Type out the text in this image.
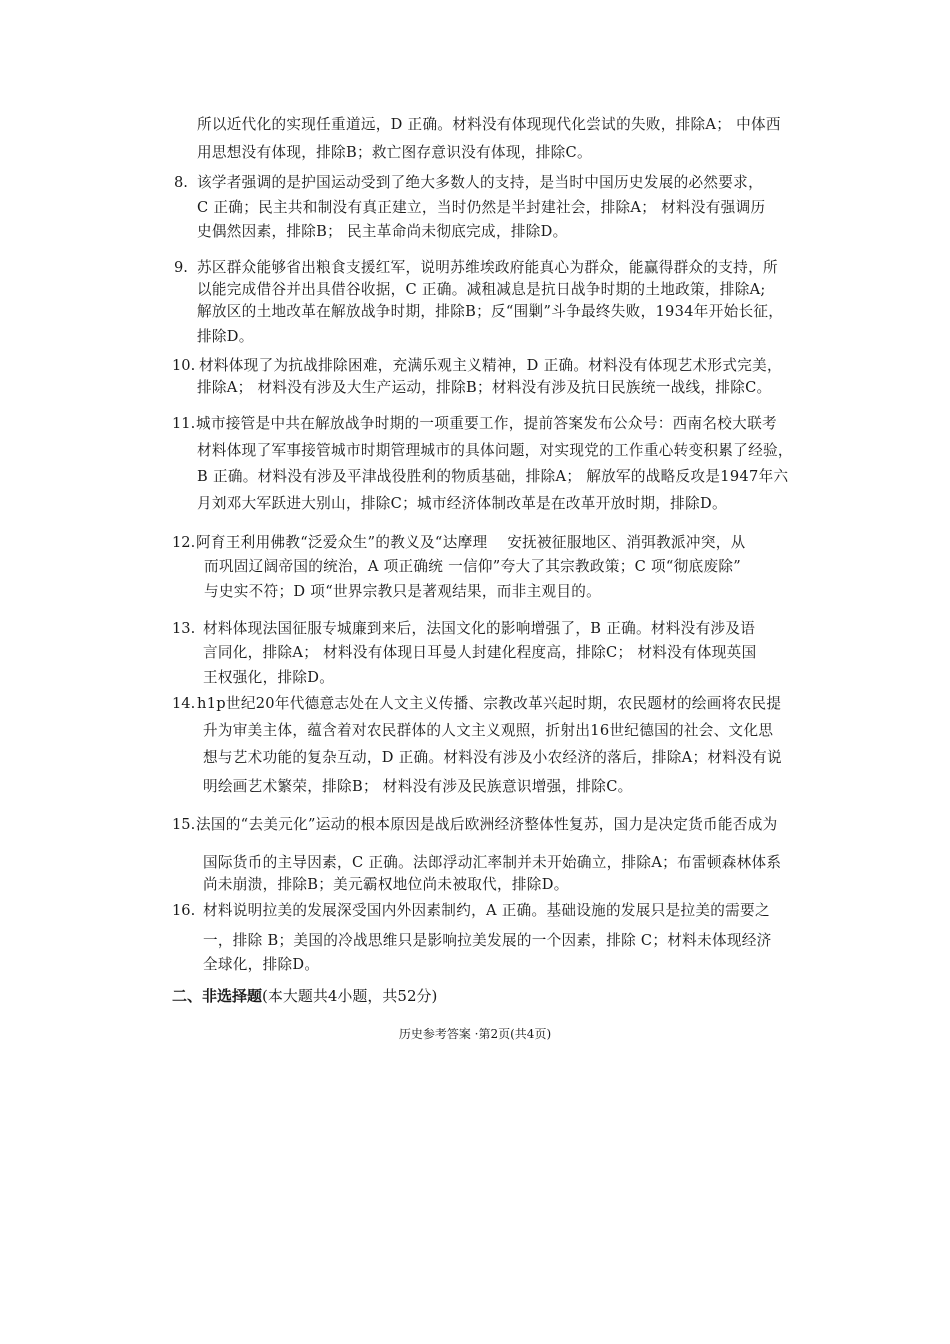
所以近代化的实现任重道远，D 正确。材料没有体现现代化尝试的失败，排除A； 中体西
用思想没有体现，排除B；救亡图存意识没有体现，排除C。
8. 该学者强调的是护国运动受到了绝大多数人的支持，是当时中国历史发展的必然要求，
C 正确；民主共和制没有真正建立，当时仍然是半封建社会，排除A； 材料没有强调历
史偶然因素，排除B； 民主革命尚未彻底完成，排除D。
9. 苏区群众能够省出粮食支援红军，说明苏维埃政府能真心为群众，能赢得群众的支持，所
以能完成借谷并出具借谷收据，C 正确。减租减息是抗日战争时期的土地政策，排除A;
解放区的土地改革在解放战争时期，排除B；反“围剿”斗争最终失败，1934年开始长征，
排除D。
10. 材料体现了为抗战排除困难，充满乐观主义精神，D 正确。材料没有体现艺术形式完美，
排除A； 材料没有涉及大生产运动，排除B；材料没有涉及抗日民族统一战线，排除C。
11. 城市接管是中共在解放战争时期的一项重要工作，提前答案发布公众号：西南名校大联考
材料体现了军事接管城市时期管理城市的具体问题，对实现党的工作重心转变积累了经验，
B 正确。材料没有涉及平津战役胜利的物质基础，排除A； 解放军的战略反攻是1947年六
月刘邓大军跃进大别山，排除C；城市经济体制改革是在改革开放时期，排除D。
12. 阿育王利用佛教“泛爱众生”的教义及“达摩理　 安抚被征服地区、消弭教派冲突，从
而巩固辽阔帝国的统治，A 项正确统 一信仰”夸大了其宗教政策；C 项“彻底废除”
与史实不符；D 项“世界宗教只是著观结果，而非主观目的。
13. 材料体现法国征服专城廉到来后，法国文化的影响增强了，B 正确。材料没有涉及语
言同化，排除A； 材料没有体现日耳曼人封建化程度高，排除C； 材料没有体现英国
王权强化，排除D。
14. h1p世纪20年代德意志处在人文主义传播、宗教改革兴起时期，农民题材的绘画将农民提
升为审美主体，蕴含着对农民群体的人文主义观照，折射出16世纪德国的社会、文化思
想与艺术功能的复杂互动，D 正确。材料没有涉及小农经济的落后，排除A；材料没有说
明绘画艺术繁荣，排除B； 材料没有涉及民族意识增强，排除C。
15. 法国的“去美元化”运动的根本原因是战后欧洲经济整体性复苏，国力是决定货币能否成为
国际货币的主导因素，C 正确。法郎浮动汇率制并未开始确立，排除A；布雷顿森林体系
尚未崩溃，排除B；美元霸权地位尚未被取代，排除D。
16. 材料说明拉美的发展深受国内外因素制约，A 正确。基础设施的发展只是拉美的需要之
一，排除 B；美国的冷战思维只是影响拉美发展的一个因素，排除 C；材料未体现经济
全球化，排除D。
二、非选择题(本大题共4小题，共52分)
历史参考答案 ·第2页(共4页)
